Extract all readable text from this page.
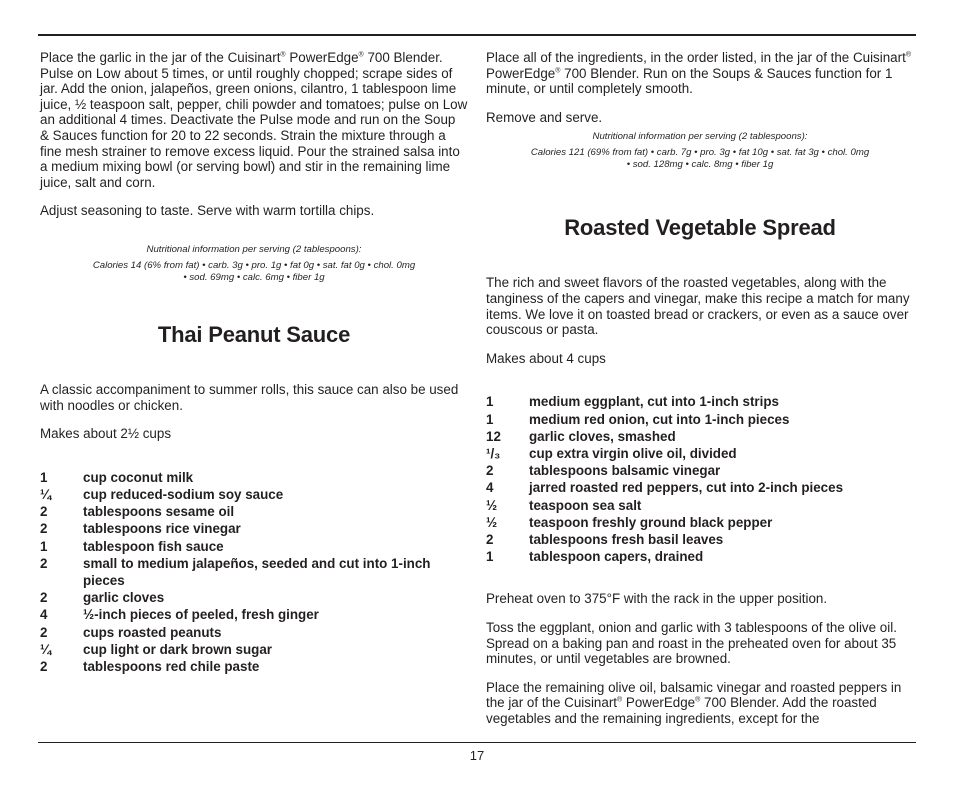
Place the garlic in the jar of the Cuisinart® PowerEdge® 700 Blender. Pulse on Low about 5 times, or until roughly chopped; scrape sides of jar. Add the onion, jalapeños, green onions, cilantro, 1 tablespoon lime juice, ½ teaspoon salt, pepper, chili powder and tomatoes; pulse on Low an additional 4 times. Deactivate the Pulse mode and run on the Soup & Sauces function for 20 to 22 seconds. Strain the mixture through a fine mesh strainer to remove excess liquid. Pour the strained salsa into a medium mixing bowl (or serving bowl) and stir in the remaining lime juice, salt and corn.

Adjust seasoning to taste. Serve with warm tortilla chips.

Nutritional information per serving (2 tablespoons):
Calories 14 (6% from fat) • carb. 3g • pro. 1g • fat 0g • sat. fat 0g • chol. 0mg
• sod. 69mg • calc. 6mg • fiber 1g
Thai Peanut Sauce

A classic accompaniment to summer rolls, this sauce can also be used with noodles or chicken.

Makes about 2½ cups

1	cup coconut milk
¼	cup reduced-sodium soy sauce
2	tablespoons sesame oil
2	tablespoons rice vinegar
1	tablespoon fish sauce
2	small to medium jalapeños, seeded and cut into 1-inch pieces
2	garlic cloves
4	½-inch pieces of peeled, fresh ginger
2	cups roasted peanuts
¼	cup light or dark brown sugar
2	tablespoons red chile paste

Place all of the ingredients, in the order listed, in the jar of the Cuisinart® PowerEdge® 700 Blender. Run on the Soups & Sauces function for 1 minute, or until completely smooth.

Remove and serve.

Nutritional information per serving (2 tablespoons):
Calories 121 (69% from fat) • carb. 7g • pro. 3g • fat 10g • sat. fat 3g • chol. 0mg
• sod. 128mg • calc. 8mg • fiber 1g
Roasted Vegetable Spread

The rich and sweet flavors of the roasted vegetables, along with the tanginess of the capers and vinegar, make this recipe a match for many items. We love it on toasted bread or crackers, or even as a sauce over couscous or pasta.

Makes about 4 cups

1	medium eggplant, cut into 1-inch strips
1	medium red onion, cut into 1-inch pieces
12	garlic cloves, smashed
¹/₃	cup extra virgin olive oil, divided
2	tablespoons balsamic vinegar
4	jarred roasted red peppers, cut into 2-inch pieces
½	teaspoon sea salt
½	teaspoon freshly ground black pepper
2	tablespoons fresh basil leaves
1	tablespoon capers, drained

Preheat oven to 375°F with the rack in the upper position.

Toss the eggplant, onion and garlic with 3 tablespoons of the olive oil. Spread on a baking pan and roast in the preheated oven for about 35 minutes, or until vegetables are browned.

Place the remaining olive oil, balsamic vinegar and roasted peppers in the jar of the Cuisinart® PowerEdge® 700 Blender. Add the roasted vegetables and the remaining ingredients, except for the

17
